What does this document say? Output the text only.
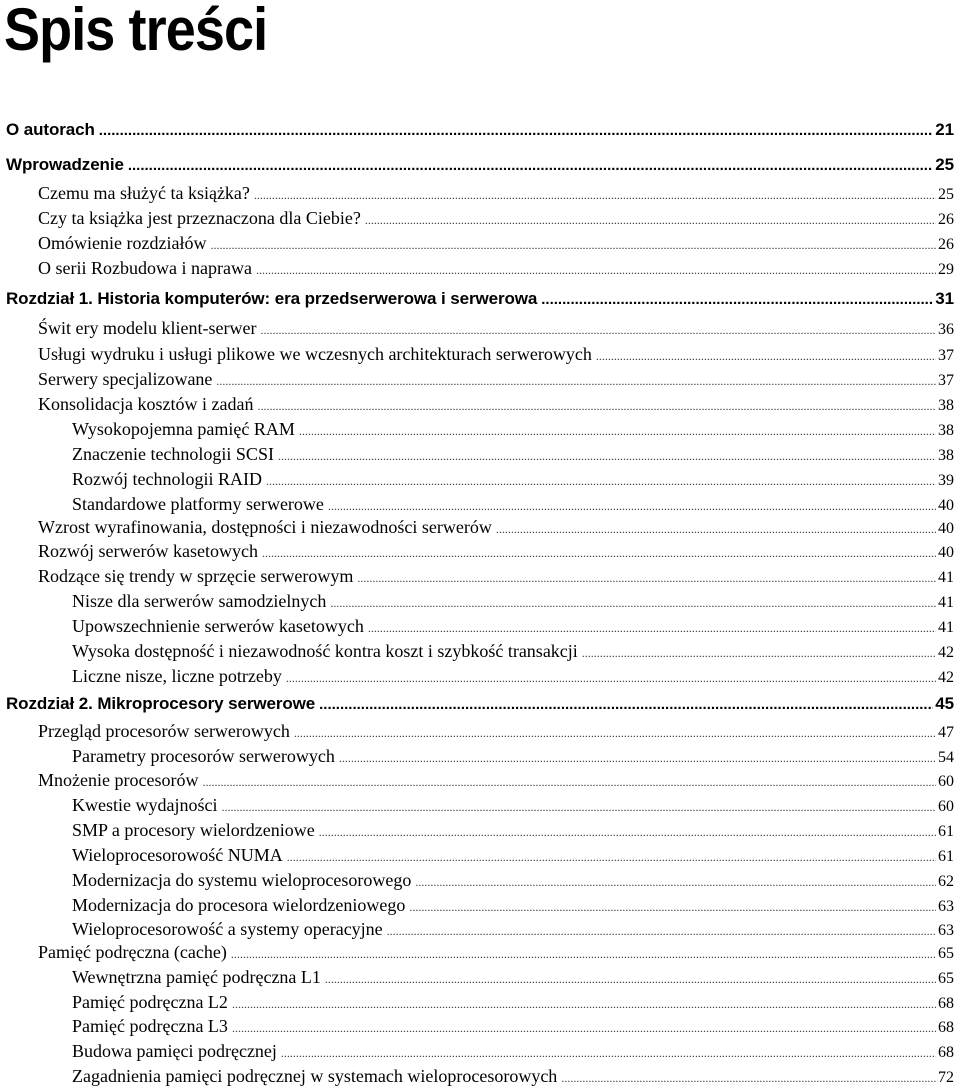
Spis treści
O autorach .....	21
Wprowadzenie .....	25
Czemu ma służyć ta książka? .....	25
Czy ta książka jest przeznaczona dla Ciebie? .....	26
Omówienie rozdziałów .....	26
O serii Rozbudowa i naprawa .....	29
Rozdział 1. Historia komputerów: era przedserwerowa i serwerowa .....	31
Świt ery modelu klient-serwer .....	36
Usługi wydruku i usługi plikowe we wczesnych architekturach serwerowych .....	37
Serwery specjalizowane .....	37
Konsolidacja kosztów i zadań .....	38
Wysokopojemna pamięć RAM .....	38
Znaczenie technologii SCSI .....	38
Rozwój technologii RAID .....	39
Standardowe platformy serwerowe .....	40
Wzrost wyrafinowania, dostępności i niezawodności serwerów .....	40
Rozwój serwerów kasetowych .....	40
Rodzące się trendy w sprzęcie serwerowym .....	41
Nisze dla serwerów samodzielnych .....	41
Upowszechnienie serwerów kasetowych .....	41
Wysoka dostępność i niezawodność kontra koszt i szybkość transakcji .....	42
Liczne nisze, liczne potrzeby .....	42
Rozdział 2. Mikroprocesory serwerowe .....	45
Przegląd procesorów serwerowych .....	47
Parametry procesorów serwerowych .....	54
Mnożenie procesorów .....	60
Kwestie wydajności .....	60
SMP a procesory wielordzeniowe .....	61
Wieloprocesorowość NUMA .....	61
Modernizacja do systemu wieloprocesorowego .....	62
Modernizacja do procesora wielordzeniowego .....	63
Wieloprocesorowość a systemy operacyjne .....	63
Pamięć podręczna (cache) .....	65
Wewnętrzna pamięć podręczna L1 .....	65
Pamięć podręczna L2 .....	68
Pamięć podręczna L3 .....	68
Budowa pamięci podręcznej .....	68
Zagadnienia pamięci podręcznej w systemach wieloprocesorowych .....	72
